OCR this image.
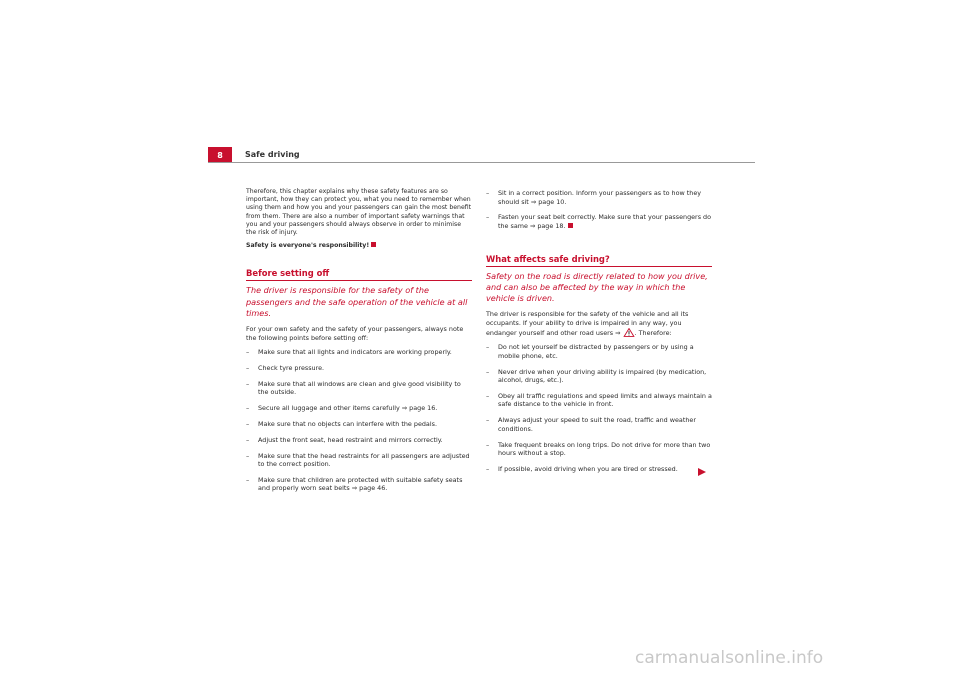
8	Safe driving

Therefore, this chapter explains why these safety features are so important, how they can protect you, what you need to remember when using them and how you and your passengers can gain the most benefit from them. There are also a number of important safety warnings that you and your passengers should always observe in order to minimise the risk of injury.

Safety is everyone's responsibility!

Before setting off

The driver is responsible for the safety of the passengers and the safe operation of the vehicle at all times.

For your own safety and the safety of your passengers, always note the following points before setting off:

– Make sure that all lights and indicators are working properly.
– Check tyre pressure.
– Make sure that all windows are clean and give good visibility to the outside.
– Secure all luggage and other items carefully ⇒ page 16.
– Make sure that no objects can interfere with the pedals.
– Adjust the front seat, head restraint and mirrors correctly.
– Make sure that the head restraints for all passengers are adjusted to the correct position.
– Make sure that children are protected with suitable safety seats and properly worn seat belts ⇒ page 46.
– Sit in a correct position. Inform your passengers as to how they should sit ⇒ page 10.
– Fasten your seat belt correctly. Make sure that your passengers do the same ⇒ page 18.
What affects safe driving?

Safety on the road is directly related to how you drive, and can also be affected by the way in which the vehicle is driven.

The driver is responsible for the safety of the vehicle and all its occupants. If your ability to drive is impaired in any way, you endanger yourself and other road users ⇒ . Therefore:

– Do not let yourself be distracted by passengers or by using a mobile phone, etc.
– Never drive when your driving ability is impaired (by medication, alcohol, drugs, etc.).
– Obey all traffic regulations and speed limits and always maintain a safe distance to the vehicle in front.
– Always adjust your speed to suit the road, traffic and weather conditions.
– Take frequent breaks on long trips. Do not drive for more than two hours without a stop.
– If possible, avoid driving when you are tired or stressed.
carmanualsonline.info
